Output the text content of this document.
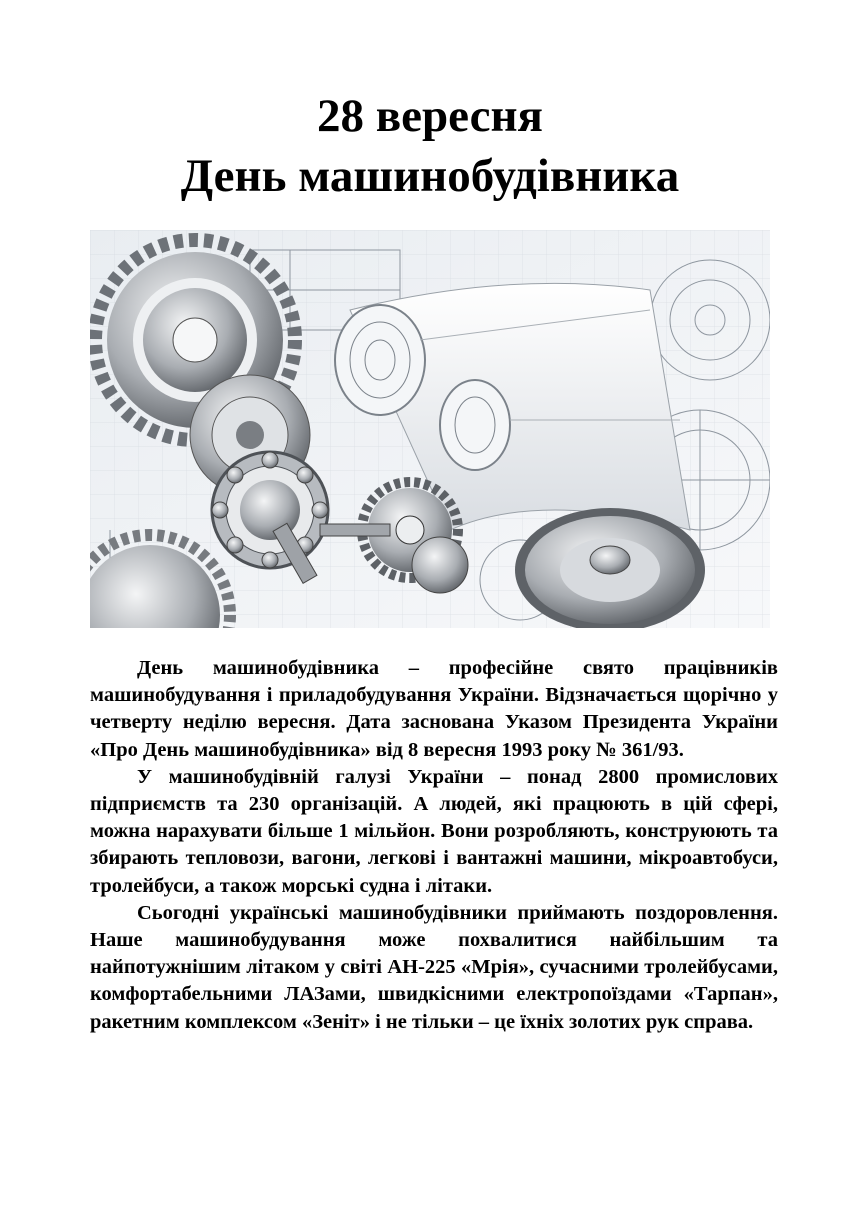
28 вересня
День машинобудівника

День машинобудівника – професійне свято працівників машинобудування і приладобудування України. Відзначається щорічно у четверту неділю вересня. Дата заснована Указом Президента України «Про День машинобудівника» від 8 вересня 1993 року № 361/93.

У машинобудівній галузі України – понад 2800 промислових підприємств та 230 організацій. А людей, які працюють в цій сфері, можна нарахувати більше 1 мільйон. Вони розробляють, конструюють та збирають тепловози, вагони, легкові і вантажні машини, мікроавтобуси, тролейбуси, а також морські судна і літаки.

Сьогодні українські машинобудівники приймають поздоровлення. Наше машинобудування може похвалитися найбільшим та найпотужнішим літаком у світі АН-225 «Мрія», сучасними тролейбусами, комфортабельними ЛАЗами, швидкісними електропоїздами «Тарпан», ракетним комплексом «Зеніт» і не тільки – це їхніх золотих рук справа.
